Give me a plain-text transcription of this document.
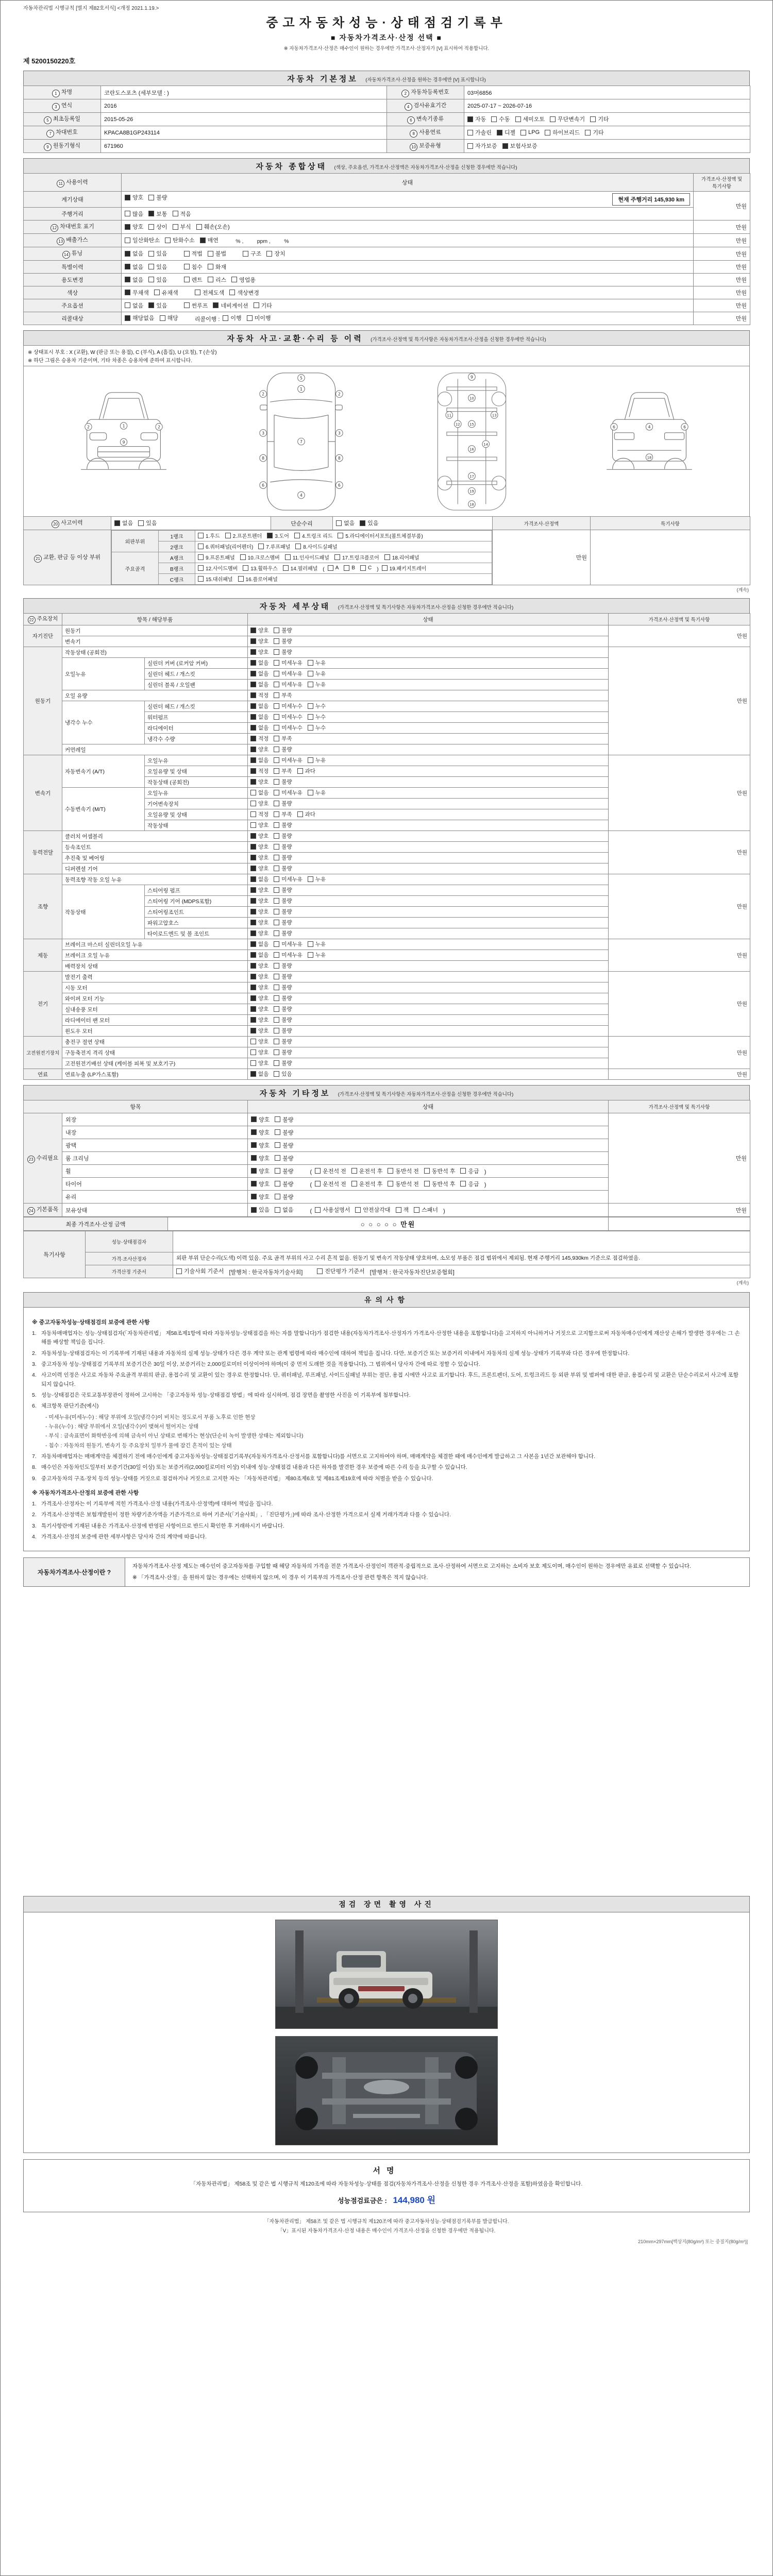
자동차관리법 시행규칙 [별지 제82호서식] <개정 2021.1.19.>
중고자동차성능·상태점검기록부
■ 자동차가격조사·산정 선택 ■
※ 자동차가격조사·산정은 매수인이 원하는 경우에만 가격조사·산정자가 [V] 표시하여 적용합니다.
제 5200150220호
자동차 기본정보 (자동차가격조사·산정을 원하는 경우에만 [V] 표시합니다)
1 차명	코란도스포츠 (세부모델 : )	2 자동차등록번호	03머6856
3 연식	2016	4 검사유효기간	2025-07-17 ~ 2026-07-16
5 최초등록일	2015-05-26	6 변속기종류	자동 수동 세미오토 무단변속기 기타

7 차대번호	KPACA8B1GP243114	8 사용연료	가솔린 디젤 LPG 하이브리드 기타

9 원동기형식	671960	10 보증유형	자가보증 보험사보증
자동차 종합상태 (색상, 주요옵션, 가격조사·산정액은 자동차가격조사·산정을 신청한 경우에만 적습니다)
11 사용이력	상태	가격조사·산정액 및 특기사항
계기상태	양호 불량 현재 주행거리 145,930 km	만원
주행거리	많음 보통 적음	

12 차대번호 표기	양호 상이 부식 훼손(오손)	만원
13 배출가스	일산화탄소 탄화수소 매연 % ,         ppm ,         %	만원
14 튜닝	없음 있음	적법 불법	구조 장치	만원
특별이력	없음 있음 침수 화재	만원
용도변경	없음 있음 렌트 리스 영업용	만원
색상	무채색 유채색 전체도색 색상변경	만원
주요옵션	없음 있음 썬루프 네비게이션 기타	만원
리콜대상	해당없음 해당 리콜이행 : 이행 미이행	만원
자동차 사고·교환·수리 등 이력 (가격조사·산정액 및 특기사항은 자동차가격조사·산정을 신청한 경우에만 적습니다)
※ 상태표시 부호 : X (교환), W (판금 또는 용접), C (부식), A (흠집), U (요철), T (손상)
※ 하단 그림은 승용차 기준이며, 기타 차종은 승용차에 준하여 표시합니다.
1
9
2	2
1
5
2	2
3	3
7
8	8
6	6
4
9
10
11
12
13
14
15
16
17
19
18
4
18
6	6
20 사고이력	없음 있음	단순수리	없음 있음	가격조사·산정액	특기사항
21 교환, 판금 등 이상 부위	
외판부위	1랭크	1.후드	2.프론트펜더	3.도어	4.트렁크 리드	5.라디에이터서포트(볼트체결부품)

2랭크	6.쿼터패널(리어펜더)	7.루프패널	8.사이드실패널

주요골격	A랭크	9.프론트패널	10.크로스멤버	11.인사이드패널	17.트렁크플로어	18.리어패널

B랭크	12.사이드멤버	13.휠하우스	14.필러패널 ( A	B	C ) 19.패키지트레이

C랭크	15.대쉬패널	16.플로어패널
	만원	
(계속)
자동차 세부상태 (가격조사·산정액 및 특기사항은 자동차가격조사·산정을 신청한 경우에만 적습니다)
22 주요장치	항목 / 해당부품		상태	가격조사·산정액 및 특기사항
자기진단	원동기		양호 불량	만원
	변속기		양호 불량	

원동기	작동상태 (공회전)		양호 불량	만원
	오일누유	실린더 커버 (로커암 커버)	없음 미세누유 누유	

		실린더 헤드 / 개스킷	없음 미세누유 누유	

		실린더 블록 / 오일팬	없음 미세누유 누유	

	오일 유량		적정 부족	

	냉각수 누수	실린더 헤드 / 개스킷	없음 미세누수 누수	

		워터펌프	없음 미세누수 누수	

		라디에이터	없음 미세누수 누수	

		냉각수 수량	적정 부족	

	커먼레일		양호 불량	

변속기	자동변속기 (A/T)	오일누유	없음 미세누유 누유	만원
		오일유량 및 상태	적정 부족 과다	

		작동상태 (공회전)	양호 불량	

	수동변속기 (M/T)	오일누유	없음 미세누유 누유	

		기어변속장치	양호 불량	

		오일유량 및 상태	적정 부족 과다	

		작동상태	양호 불량	

동력전달	클러치 어셈블리		양호 불량	만원
	등속조인트		양호 불량	

	추진축 및 베어링		양호 불량	

	디퍼렌셜 기어		양호 불량	

조향	동력조향 작동 오일 누유		없음 미세누유 누유	만원
	작동상태	스티어링 펌프	양호 불량	

		스티어링 기어 (MDPS포함)	양호 불량	

		스티어링조인트	양호 불량	

		파워고압호스	양호 불량	

		타이로드엔드 및 볼 조인트	양호 불량	

제동	브레이크 마스터 실린더오일 누유		없음 미세누유 누유	만원
	브레이크 오일 누유		없음 미세누유 누유	

	배력장치 상태		양호 불량	

전기	발전기 출력		양호 불량	만원
	시동 모터		양호 불량	

	와이퍼 모터 기능		양호 불량	

	실내송풍 모터		양호 불량	

	라디에이터 팬 모터		양호 불량	

	윈도우 모터		양호 불량	

고전원전기장치	충전구 절연 상태		양호 불량	만원
	구동축전지 격리 상태		양호 불량	

	고전원전기배선 상태 (케이블 피복 및 보호기구)		양호 불량	

연료	연료누출 (LP가스포함)		없음 있음	만원
자동차 기타정보 (가격조사·산정액 및 특기사항은 자동차가격조사·산정을 신청한 경우에만 적습니다)
항목		상태	가격조사·산정액 및 특기사항
23 수리필요	외장	양호 불량	만원
	내장	양호 불량	

	광택	양호 불량	

	룸 크리닝	양호 불량	

휠	양호 불량	( 운전석 전 운전석 후 동반석 전 동반석 후 응급 )
타이어	양호 불량	( 운전석 전 운전석 후 동반석 전 동반석 후 응급 )
	유리	양호 불량	

24 기본품목	보유상태	있음 없음	( 사용설명서 안전삼각대 잭 스패너 )	만원
최종 가격조사·산정 금액	○ ○ ○ ○ ○ 만원	
특기사항	성능·상태점검자	
	가격·조사산정자	외판 부위 단순수리(도색) 이력 있음. 주요 골격 부위의 사고 수리 흔적 없음. 원동기 및 변속기 작동상태 양호하며, 소모성 부품은 점검 범위에서 제외됨. 현재 주행거리 145,930km 기준으로 점검하였음.
	가격산정 기준서	기술사회 기준서 [발행처 : 한국자동차기술사회] 진단평가 기준서 [발행처 : 한국자동차진단보증협회]
(계속)
유의사항
※ 중고자동차성능·상태점검의 보증에 관한 사항
1. 자동차매매업자는 성능·상태점검자(「자동차관리법」 제58조제1항에 따라 자동차성능·상태점검을 하는 자를 말합니다)가 점검한 내용(자동차가격조사·산정자가 가격조사·산정한 내용을 포함합니다)을 고지하지 아니하거나 거짓으로 고지함으로써 자동차매수인에게 재산상 손해가 발생한 경우에는 그 손해를 배상할 책임을 집니다.
2. 자동차성능·상태점검자는 이 기록부에 기재된 내용과 자동차의 실제 성능·상태가 다른 경우 계약 또는 관계 법령에 따라 매수인에 대하여 책임을 집니다. 다만, 보증기간 또는 보증거리 이내에서 자동차의 실제 성능·상태가 기록부와 다른 경우에 한정합니다.
3. 중고자동차 성능·상태점검 기록부의 보증기간은 30일 이상, 보증거리는 2,000킬로미터 이상이어야 하며(이 중 먼저 도래한 것을 적용합니다), 그 범위에서 당사자 간에 따로 정할 수 있습니다.
4. 사고이력 인정은 사고로 자동차 주요골격 부위의 판금, 용접수리 및 교환이 있는 경우로 한정합니다. 단, 쿼터패널, 루프패널, 사이드실패널 부위는 절단, 용접 시에만 사고로 표기합니다. 후드, 프론트펜더, 도어, 트렁크리드 등 외판 부위 및 범퍼에 대한 판금, 용접수리 및 교환은 단순수리로서 사고에 포함되지 않습니다.
5. 성능·상태점검은 국토교통부장관이 정하여 고시하는 「중고자동차 성능·상태점검 방법」에 따라 실시하며, 점검 장면을 촬영한 사진을 이 기록부에 첨부합니다.
6. 체크항목 판단기준(예시)
- 미세누유(미세누수) : 해당 부위에 오일(냉각수)이 비치는 정도로서 부품 노후로 인한 현상
- 누유(누수) : 해당 부위에서 오일(냉각수)이 맺혀서 떨어지는 상태
- 부식 : 금속표면이 화학반응에 의해 금속이 아닌 상태로 변해가는 현상(단순히 녹이 발생한 상태는 제외합니다)
- 침수 : 자동차의 원동기, 변속기 등 주요장치 일부가 물에 잠긴 흔적이 있는 상태
7. 자동차매매업자는 매매계약을 체결하기 전에 매수인에게 중고자동차성능·상태점검기록부(자동차가격조사·산정서를 포함합니다)를 서면으로 고지하여야 하며, 매매계약을 체결한 때에 매수인에게 발급하고 그 사본을 1년간 보관해야 합니다.
8. 매수인은 자동차인도일부터 보증기간(30일 이상) 또는 보증거리(2,000킬로미터 이상) 이내에 성능·상태점검 내용과 다른 하자를 발견한 경우 보증에 따른 수리 등을 요구할 수 있습니다.
9. 중고자동차의 구조·장치 등의 성능·상태를 거짓으로 점검하거나 거짓으로 고지한 자는 「자동차관리법」 제80조제6호 및 제81조제19호에 따라 처벌을 받을 수 있습니다.
※ 자동차가격조사·산정의 보증에 관한 사항
1. 가격조사·산정자는 이 기록부에 적힌 가격조사·산정 내용(가격조사·산정액)에 대하여 책임을 집니다.
2. 가격조사·산정액은 보험개발원이 정한 차량기준가액을 기준가격으로 하여 기준서(「기술사회」, 「진단평가」)에 따라 조사·산정한 가격으로서 실제 거래가격과 다를 수 있습니다.
3. 특기사항란에 기재된 내용은 가격조사·산정에 반영된 사항이므로 반드시 확인한 후 거래하시기 바랍니다.
4. 가격조사·산정의 보증에 관한 세부사항은 당사자 간의 계약에 따릅니다.
자동차가격조사·산정이란 ?
자동차가격조사·산정 제도는 매수인이 중고자동차를 구입할 때 해당 자동차의 가격을 전문 가격조사·산정인이 객관적·중립적으로 조사·산정하여 서면으로 고지하는 소비자 보호 제도이며, 매수인이 원하는 경우에만 유료로 선택할 수 있습니다.
※ 「가격조사·산정」을 원하지 않는 경우에는 선택하지 않으며, 이 경우 이 기록부의 가격조사·산정 관련 항목은 적지 않습니다.
점검 장면 촬영 사진
서명
「자동차관리법」 제58조 및 같은 법 시행규칙 제120조에 따라 자동차성능·상태를 점검(자동차가격조사·산정을 신청한 경우 가격조사·산정을 포함)하였음을 확인합니다.
성능점검료금은 : 144,980 원
「자동차관리법」 제58조 및 같은 법 시행규칙 제120조에 따라 중고자동차성능·상태점검기록부를 발급합니다.
「V」표시된 자동차가격조사·산정 내용은 매수인이 가격조사·산정을 신청한 경우에만 적용됩니다.
210mm×297mm[백상지(80g/m²) 또는 중질지(80g/m²)]
